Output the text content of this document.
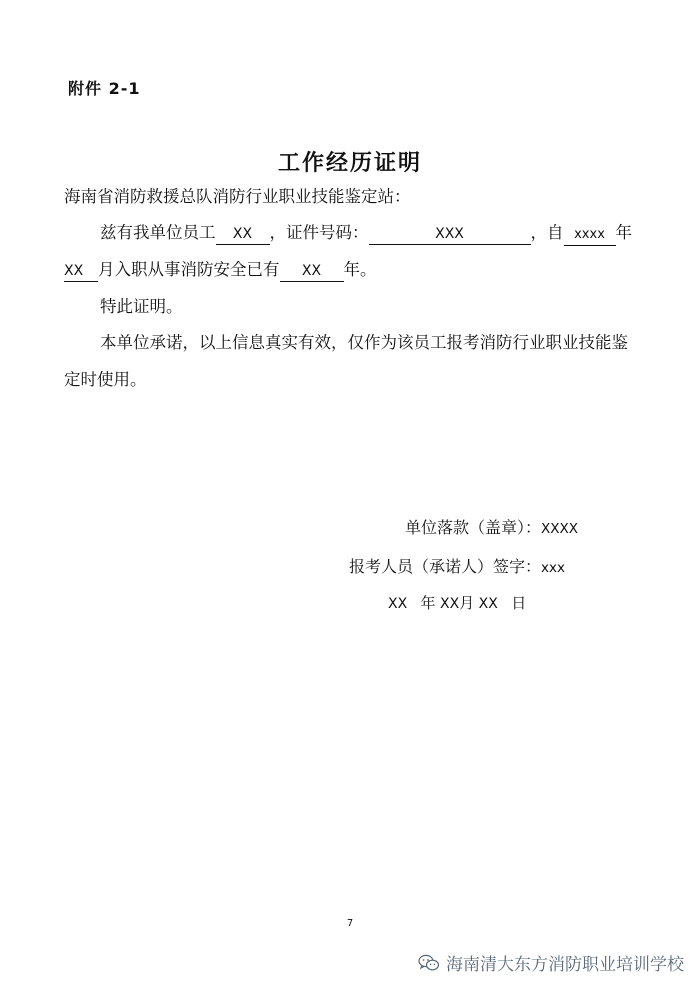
附件 2-1
工作经历证明
海南省消防救援总队消防行业职业技能鉴定站：
兹有我单位员工 XX ，证件号码：	XXX	，自 xxxx 年
XX 月入职从事消防安全已有 XX 年。
特此证明。
本单位承诺，以上信息真实有效，仅作为该员工报考消防行业职业技能鉴
定时使用。
单位落款（盖章）：XXXX
报考人员（承诺人）签字：xxx
XX 年 XX月 XX 日
7
海南清大东方消防职业培训学校
